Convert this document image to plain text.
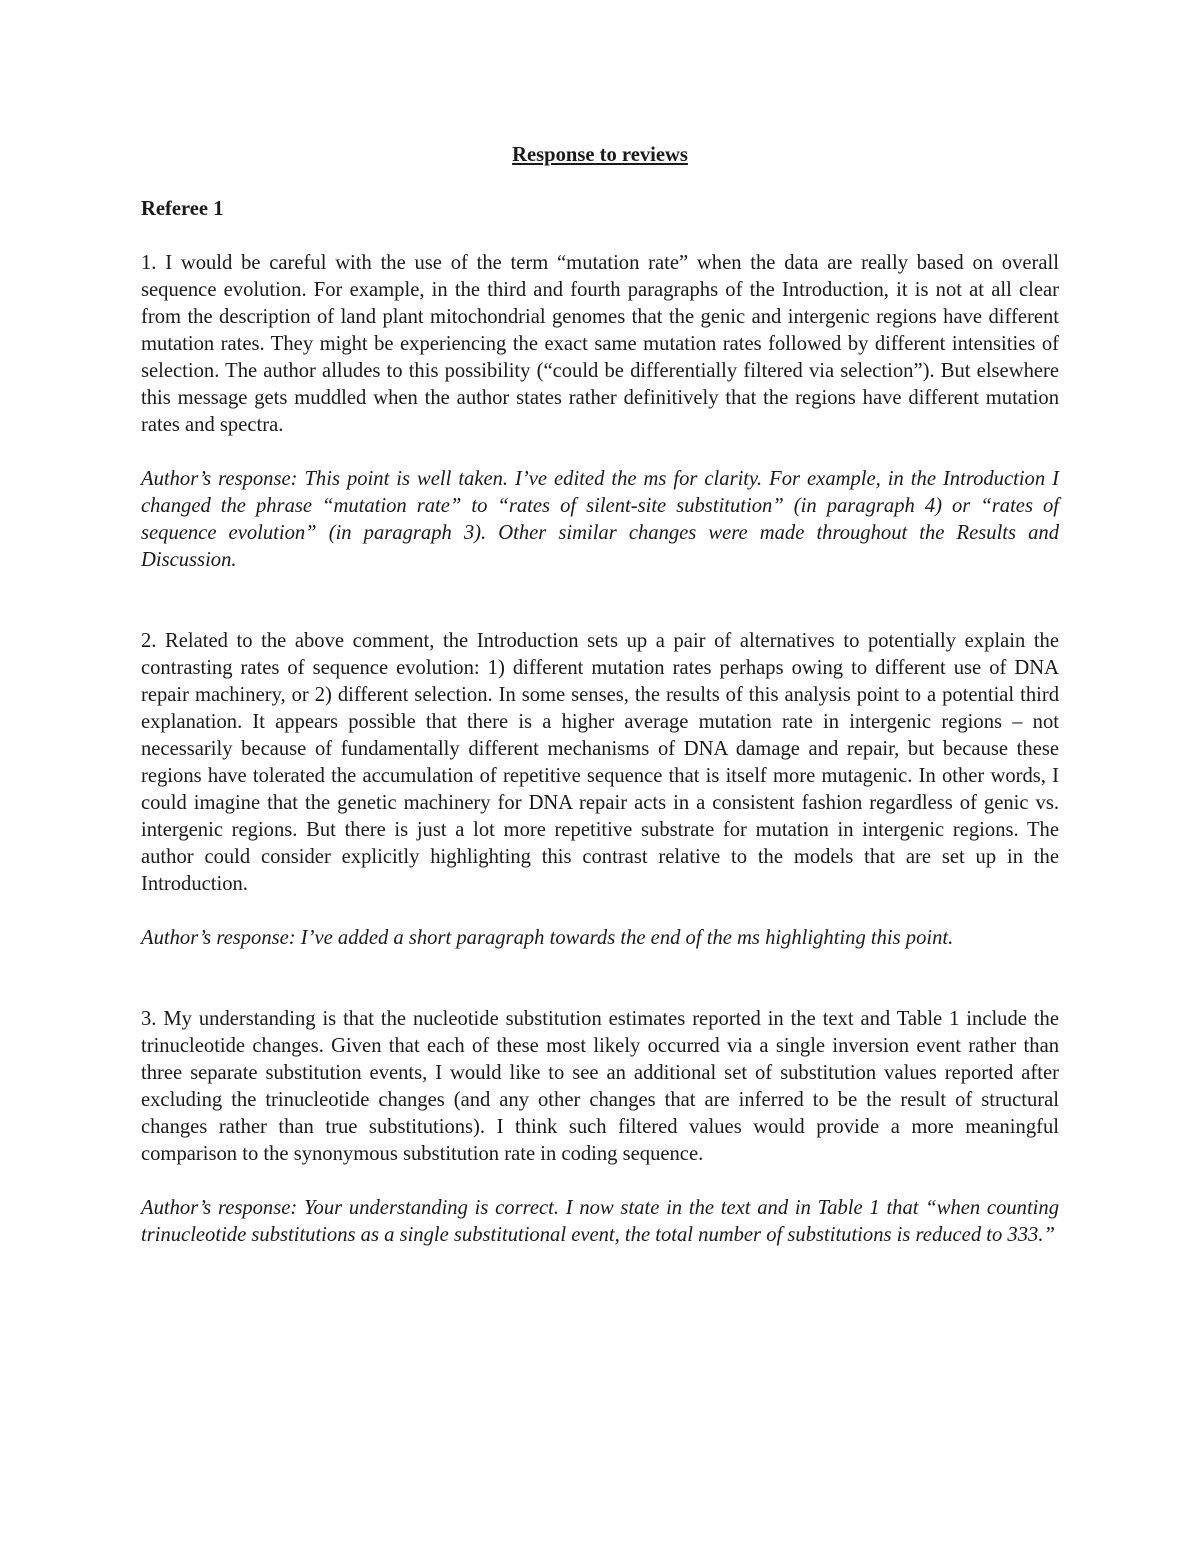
Response to reviews
Referee 1

1. I would be careful with the use of the term “mutation rate” when the data are really based on overall sequence evolution. For example, in the third and fourth paragraphs of the Introduction, it is not at all clear from the description of land plant mitochondrial genomes that the genic and intergenic regions have different mutation rates. They might be experiencing the exact same mutation rates followed by different intensities of selection. The author alludes to this possibility (“could be differentially filtered via selection”). But elsewhere this message gets muddled when the author states rather definitively that the regions have different mutation rates and spectra.

Author’s response: This point is well taken. I’ve edited the ms for clarity. For example, in the Introduction I changed the phrase “mutation rate” to “rates of silent-site substitution” (in paragraph 4) or “rates of sequence evolution” (in paragraph 3). Other similar changes were made throughout the Results and Discussion.

2. Related to the above comment, the Introduction sets up a pair of alternatives to potentially explain the contrasting rates of sequence evolution: 1) different mutation rates perhaps owing to different use of DNA repair machinery, or 2) different selection. In some senses, the results of this analysis point to a potential third explanation. It appears possible that there is a higher average mutation rate in intergenic regions – not necessarily because of fundamentally different mechanisms of DNA damage and repair, but because these regions have tolerated the accumulation of repetitive sequence that is itself more mutagenic. In other words, I could imagine that the genetic machinery for DNA repair acts in a consistent fashion regardless of genic vs. intergenic regions. But there is just a lot more repetitive substrate for mutation in intergenic regions. The author could consider explicitly highlighting this contrast relative to the models that are set up in the Introduction.

Author’s response: I’ve added a short paragraph towards the end of the ms highlighting this point.

3. My understanding is that the nucleotide substitution estimates reported in the text and Table 1 include the trinucleotide changes. Given that each of these most likely occurred via a single inversion event rather than three separate substitution events, I would like to see an additional set of substitution values reported after excluding the trinucleotide changes (and any other changes that are inferred to be the result of structural changes rather than true substitutions). I think such filtered values would provide a more meaningful comparison to the synonymous substitution rate in coding sequence.

Author’s response: Your understanding is correct. I now state in the text and in Table 1 that “when counting trinucleotide substitutions as a single substitutional event, the total number of substitutions is reduced to 333.”
